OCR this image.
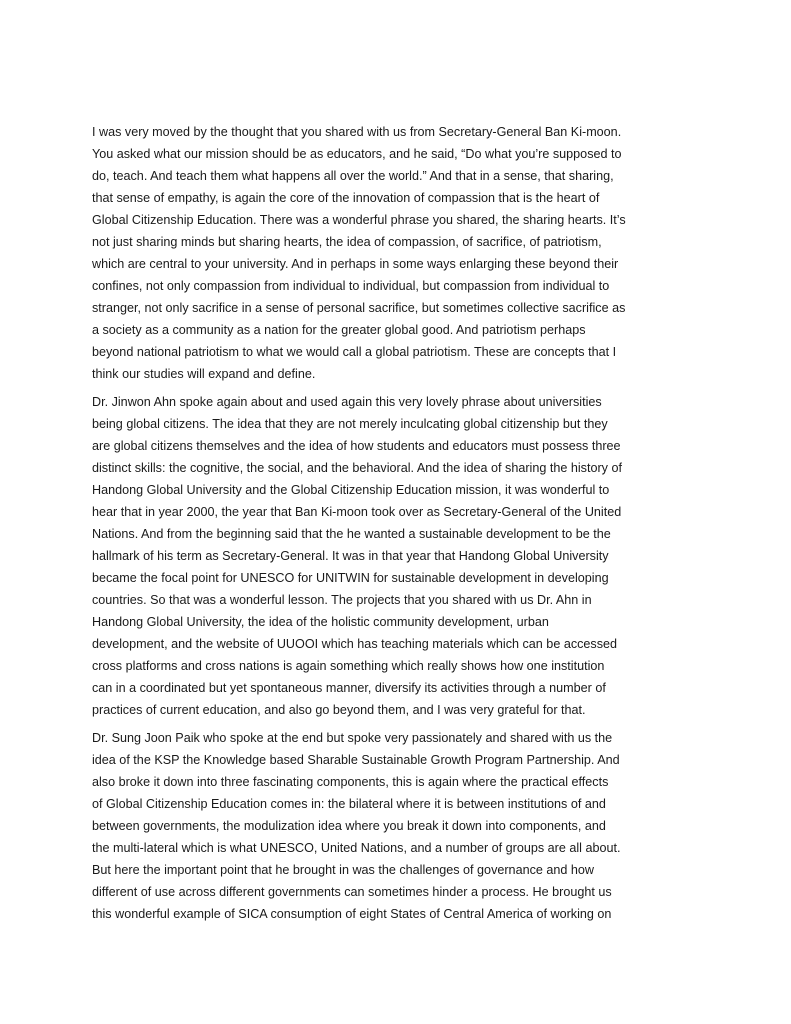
I was very moved by the thought that you shared with us from Secretary-General Ban Ki-moon.
You asked what our mission should be as educators, and he said, “Do what you’re supposed to
do, teach. And teach them what happens all over the world.” And that in a sense, that sharing,
that sense of empathy, is again the core of the innovation of compassion that is the heart of
Global Citizenship Education. There was a wonderful phrase you shared, the sharing hearts. It’s
not just sharing minds but sharing hearts, the idea of compassion, of sacrifice, of patriotism,
which are central to your university. And in perhaps in some ways enlarging these beyond their
confines, not only compassion from individual to individual, but compassion from individual to
stranger, not only sacrifice in a sense of personal sacrifice, but sometimes collective sacrifice as
a society as a community as a nation for the greater global good. And patriotism perhaps
beyond national patriotism to what we would call a global patriotism. These are concepts that I
think our studies will expand and define.
Dr. Jinwon Ahn spoke again about and used again this very lovely phrase about universities
being global citizens. The idea that they are not merely inculcating global citizenship but they
are global citizens themselves and the idea of how students and educators must possess three
distinct skills: the cognitive, the social, and the behavioral. And the idea of sharing the history of
Handong Global University and the Global Citizenship Education mission, it was wonderful to
hear that in year 2000, the year that Ban Ki-moon took over as Secretary-General of the United
Nations. And from the beginning said that the he wanted a sustainable development to be the
hallmark of his term as Secretary-General. It was in that year that Handong Global University
became the focal point for UNESCO for UNITWIN for sustainable development in developing
countries. So that was a wonderful lesson. The projects that you shared with us Dr. Ahn in
Handong Global University, the idea of the holistic community development, urban
development, and the website of UUOOI which has teaching materials which can be accessed
cross platforms and cross nations is again something which really shows how one institution
can in a coordinated but yet spontaneous manner, diversify its activities through a number of
practices of current education, and also go beyond them, and I was very grateful for that.
Dr. Sung Joon Paik who spoke at the end but spoke very passionately and shared with us the
idea of the KSP the Knowledge based Sharable Sustainable Growth Program Partnership. And
also broke it down into three fascinating components, this is again where the practical effects
of Global Citizenship Education comes in: the bilateral where it is between institutions of and
between governments, the modulization idea where you break it down into components, and
the multi-lateral which is what UNESCO, United Nations, and a number of groups are all about.
But here the important point that he brought in was the challenges of governance and how
different of use across different governments can sometimes hinder a process. He brought us
this wonderful example of SICA consumption of eight States of Central America of working on
